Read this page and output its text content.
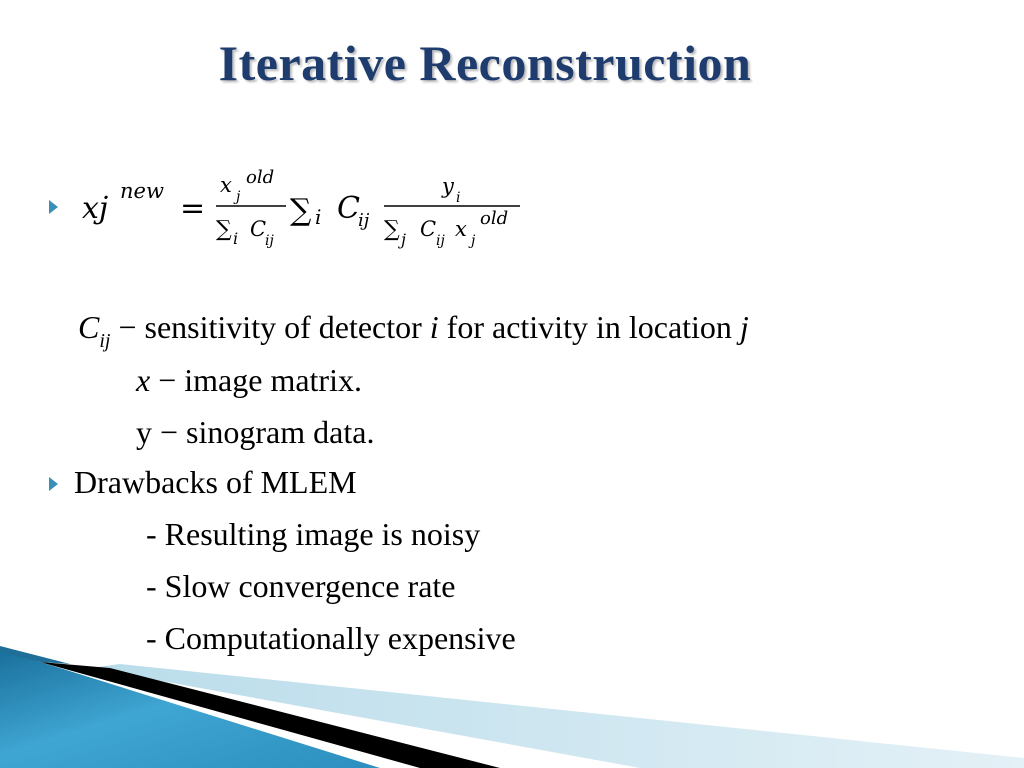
Iterative Reconstruction
xj new =
x j
old
∑ i C
ij
∑ i C
ij
y i
∑ j C ij x j
old
$C_{ij}$ − sensitivity of detector i for activity in location j
x − image matrix.
y − sinogram data.
Drawbacks of MLEM
- Resulting image is noisy
- Slow convergence rate
- Computationally expensive
